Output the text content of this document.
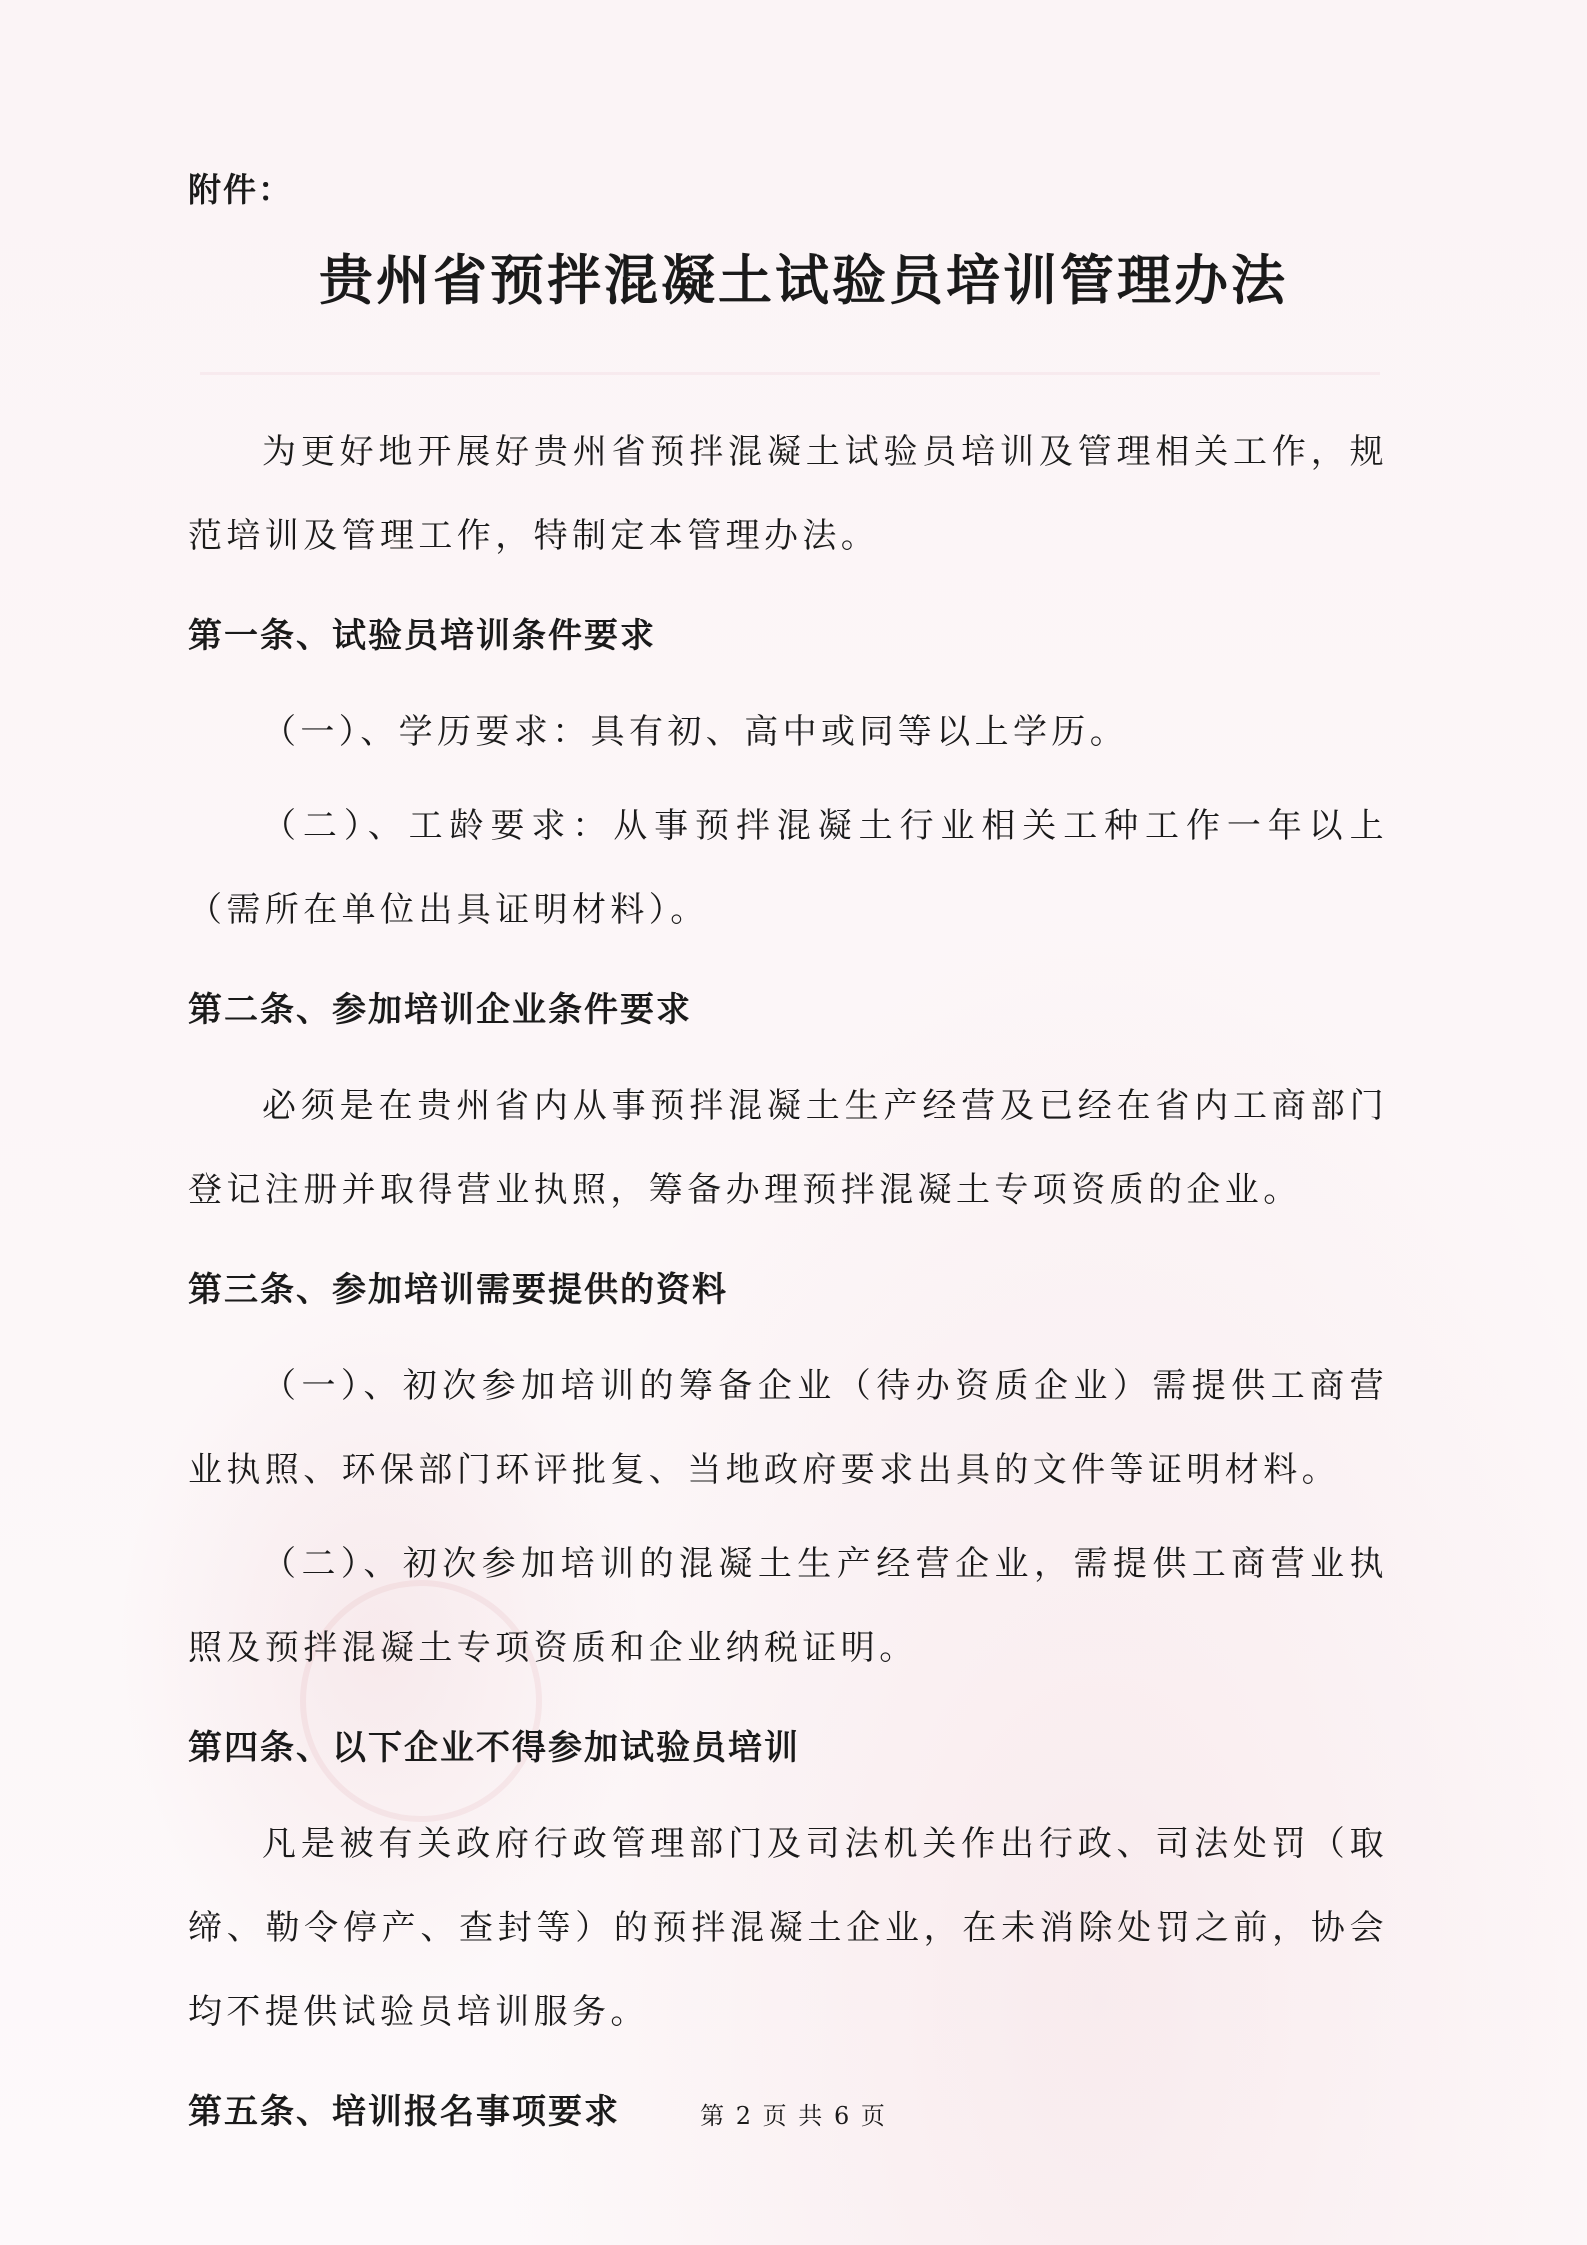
附件：
贵州省预拌混凝土试验员培训管理办法

为更好地开展好贵州省预拌混凝土试验员培训及管理相关工作，规范培训及管理工作，特制定本管理办法。

第一条、试验员培训条件要求

（一）、学历要求：具有初、高中或同等以上学历。

（二）、工龄要求：从事预拌混凝土行业相关工种工作一年以上（需所在单位出具证明材料）。

第二条、参加培训企业条件要求

必须是在贵州省内从事预拌混凝土生产经营及已经在省内工商部门登记注册并取得营业执照，筹备办理预拌混凝土专项资质的企业。

第三条、参加培训需要提供的资料

（一）、初次参加培训的筹备企业（待办资质企业）需提供工商营业执照、环保部门环评批复、当地政府要求出具的文件等证明材料。

（二）、初次参加培训的混凝土生产经营企业，需提供工商营业执照及预拌混凝土专项资质和企业纳税证明。

第四条、以下企业不得参加试验员培训

凡是被有关政府行政管理部门及司法机关作出行政、司法处罚（取缔、勒令停产、查封等）的预拌混凝土企业，在未消除处罚之前，协会均不提供试验员培训服务。

第五条、培训报名事项要求	第 2 页 共 6 页
